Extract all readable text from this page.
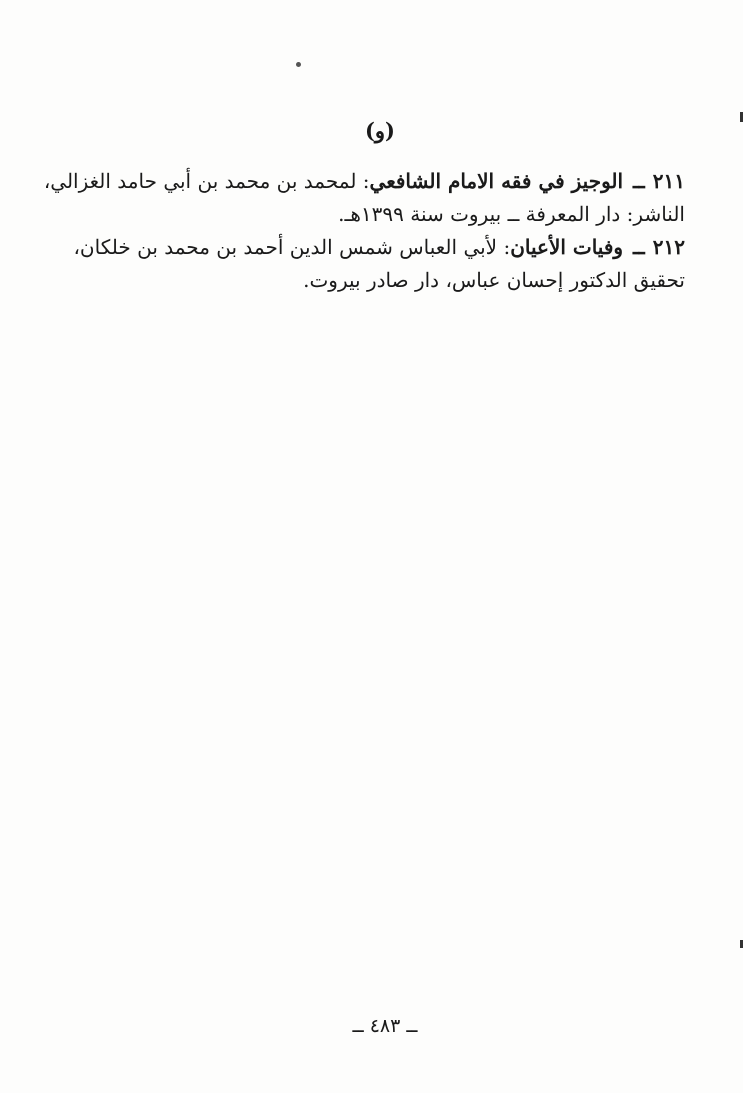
(و)
٢١١ــالوجيز في فقه الامام الشافعي: لمحمد بن محمد بن أبي حامد الغزالي،
الناشر: دار المعرفة ــ بيروت سنة ١٣٩٩هـ.
٢١٢ــوفيات الأعيان: لأبي العباس شمس الدين أحمد بن محمد بن خلكان،
تحقيق الدكتور إحسان عباس، دار صادر بيروت.
ــ ٤٨٣ ــ
